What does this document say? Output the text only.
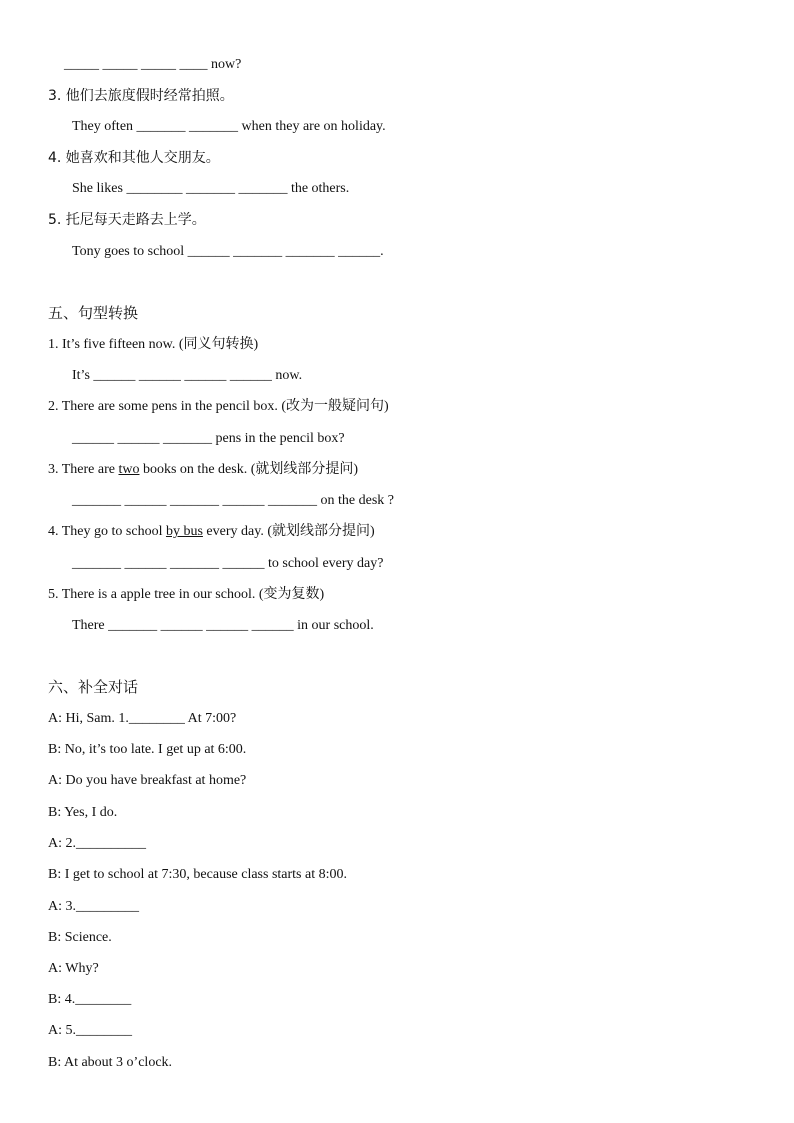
_____ _____ _____ ____ now?
3. 他们去旅度假时经常拍照。
They often _______ _______ when they are on holiday.
4. 她喜欢和其他人交朋友。
She likes ________ _______ _______ the others.
5. 托尼每天走路去上学。
Tony goes to school ______ _______ _______ ______.
五、句型转换
1. It’s five fifteen now. (同义句转换)
It’s ______ ______ ______ ______ now.
2. There are some pens in the pencil box. (改为一般疑问句)
______ ______ _______ pens in the pencil box?
3. There are two books on the desk. (就划线部分提问)
_______ ______ _______ ______ _______ on the desk ?
4. They go to school by bus every day. (就划线部分提问)
_______ ______ _______ ______ to school every day?
5. There is a apple tree in our school. (变为复数)
There _______ ______ ______ ______ in our school.
六、补全对话
A: Hi, Sam. 1.________ At 7:00?
B: No, it’s too late. I get up at 6:00.
A: Do you have breakfast at home?
B: Yes, I do.
A: 2.__________
B: I get to school at 7:30, because class starts at 8:00.
A: 3._________
B: Science.
A: Why?
B: 4.________
A: 5.________
B: At about 3 o’clock.
